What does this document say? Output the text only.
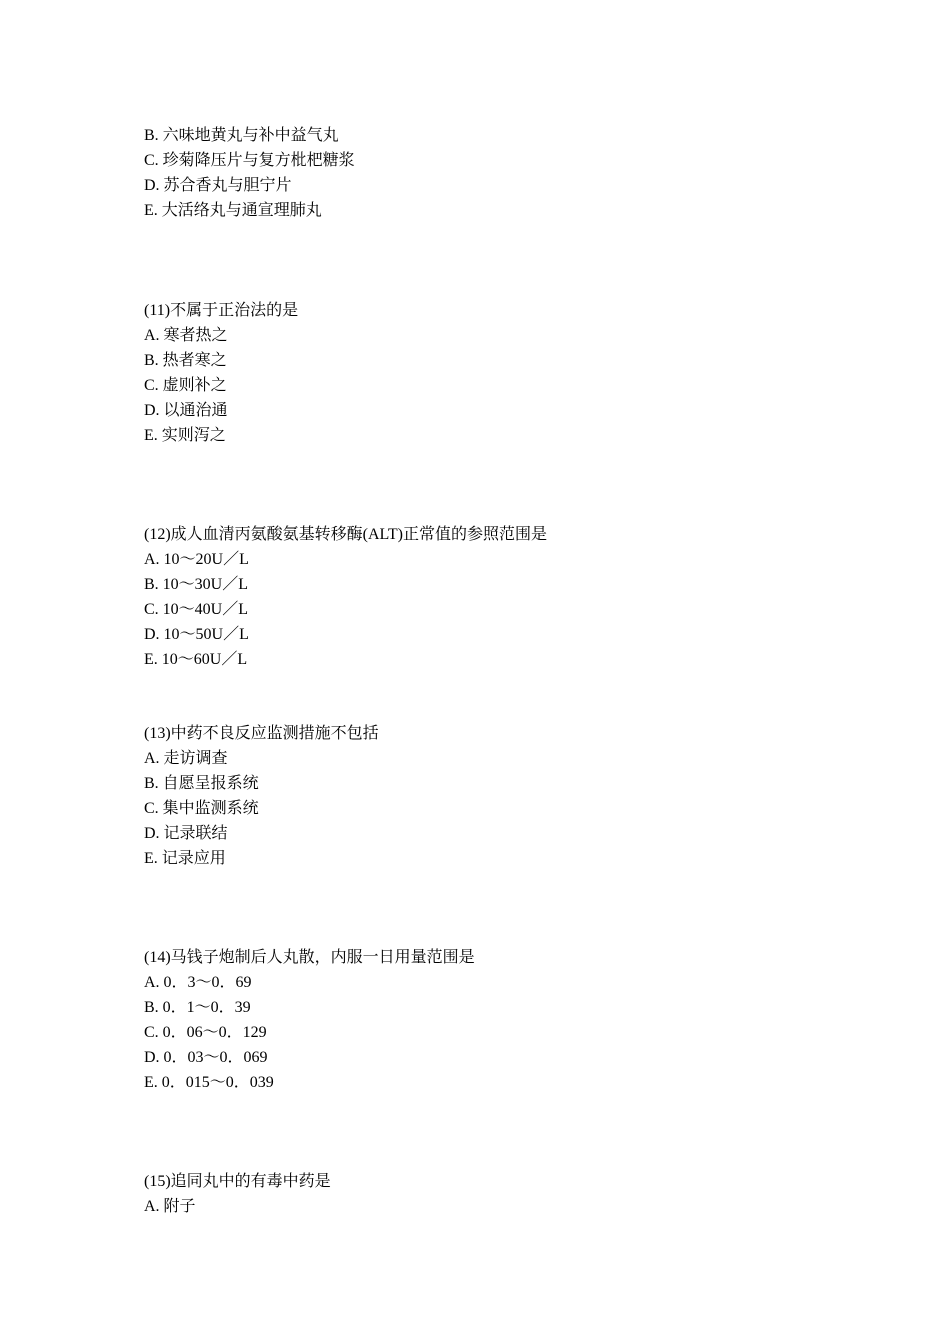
B. 六味地黄丸与补中益气丸
C. 珍菊降压片与复方枇杷糖浆
D. 苏合香丸与胆宁片
E. 大活络丸与通宣理肺丸
(11)不属于正治法的是
A. 寒者热之
B. 热者寒之
C. 虚则补之
D. 以通治通
E. 实则泻之
(12)成人血清丙氨酸氨基转移酶(ALT)正常值的参照范围是
A. 10～20U／L
B. 10～30U／L
C. 10～40U／L
D. 10～50U／L
E. 10～60U／L
(13)中药不良反应监测措施不包括
A. 走访调查
B. 自愿呈报系统
C. 集中监测系统
D. 记录联结
E. 记录应用
(14)马钱子炮制后人丸散，内服一日用量范围是
A. 0．3～0．69
B. 0．1～0．39
C. 0．06～0．129
D. 0．03～0．069
E. 0．015～0．039
(15)追同丸中的有毒中药是
A. 附子
